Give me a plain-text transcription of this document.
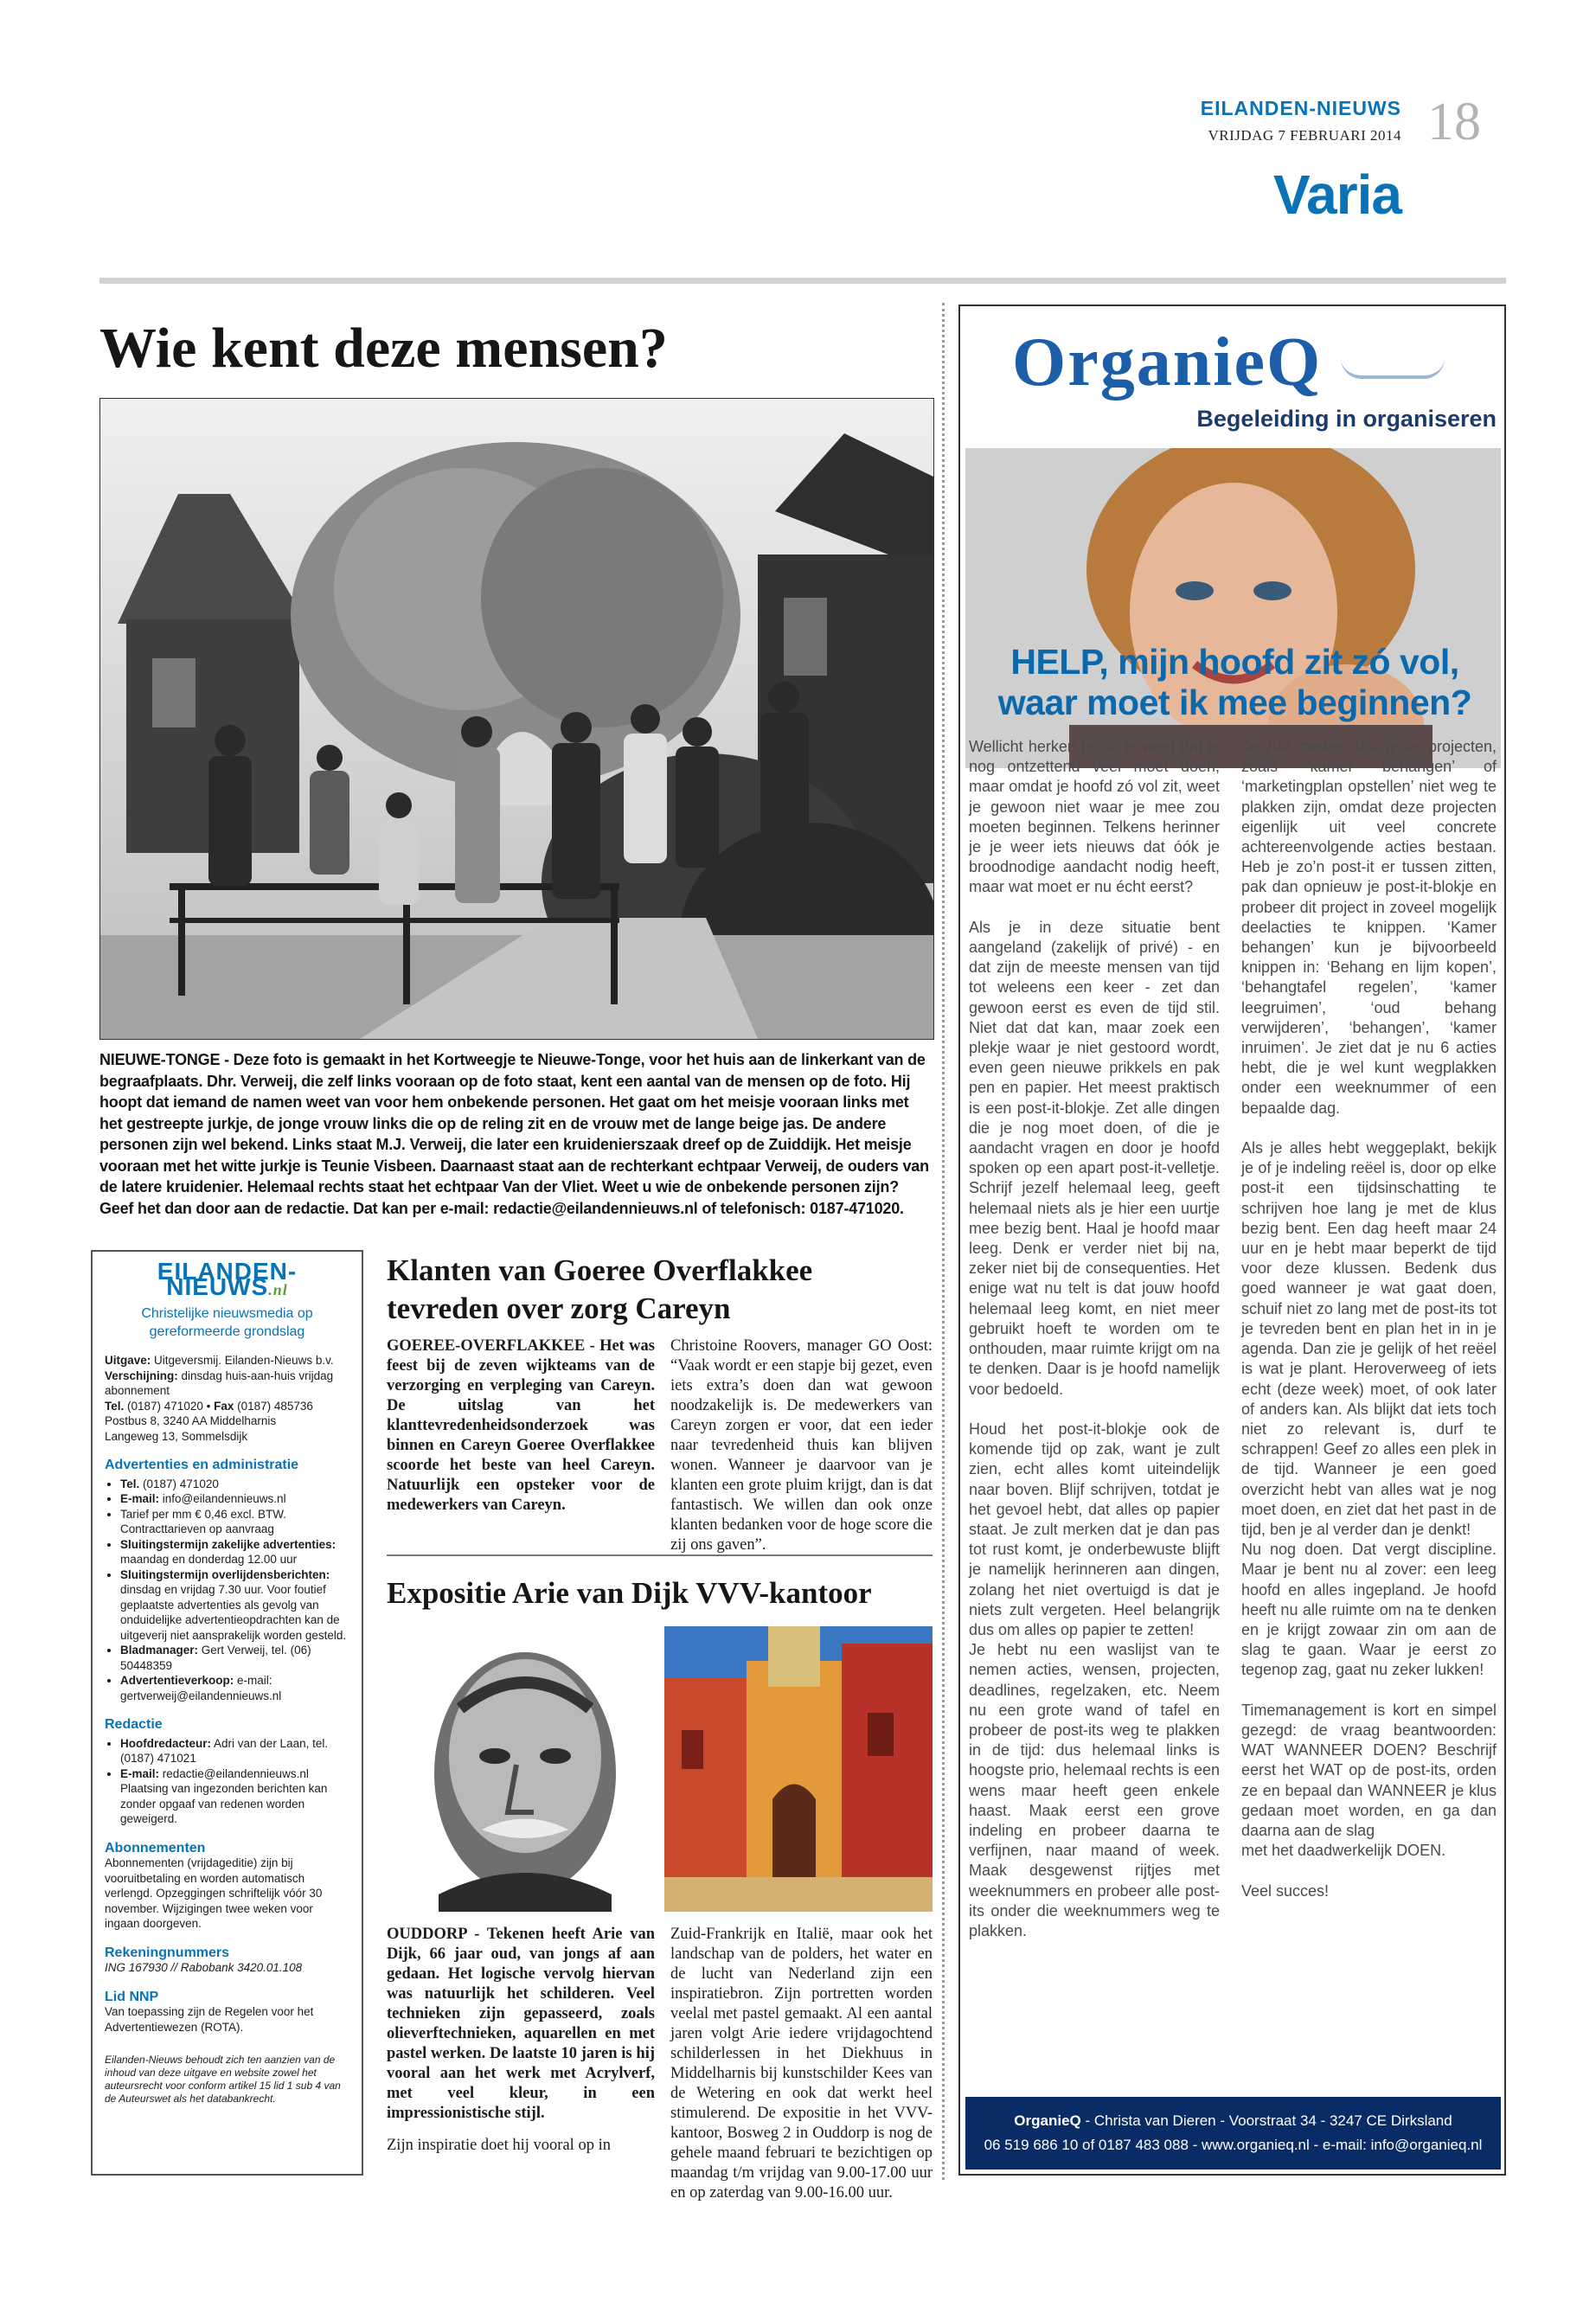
EILANDEN-NIEUWS
VRIJDAG 7 FEBRUARI 2014 18
Varia
Wie kent deze mensen?
NIEUWE-TONGE - Deze foto is gemaakt in het Kortweegje te Nieuwe-Tonge, voor het huis aan de linkerkant van de begraafplaats. Dhr. Verweij, die zelf links vooraan op de foto staat, kent een aantal van de mensen op de foto. Hij hoopt dat iemand de namen weet van voor hem onbekende personen. Het gaat om het meisje vooraan links met het gestreepte jurkje, de jonge vrouw links die op de reling zit en de vrouw met de lange beige jas. De andere personen zijn wel bekend. Links staat M.J. Verweij, die later een kruidenierszaak dreef op de Zuiddijk. Het meisje vooraan met het witte jurkje is Teunie Visbeen. Daarnaast staat aan de rechterkant echtpaar Verweij, de ouders van de latere kruidenier. Helemaal rechts staat het echtpaar Van der Vliet. Weet u wie de onbekende personen zijn? Geef het dan door aan de redactie. Dat kan per e-mail: redactie@eilandennieuws.nl of telefonisch: 0187-471020.
EILANDEN-NIEUWS.nl
Christelijke nieuwsmedia op gereformeerde grondslag
Uitgave: Uitgeversmij. Eilanden-Nieuws b.v.
Verschijning: dinsdag huis-aan-huis vrijdag abonnement
Tel. (0187) 471020 • Fax (0187) 485736
Postbus 8, 3240 AA Middelharnis
Langeweg 13, Sommelsdijk
Advertenties en administratie
• Tel. (0187) 471020
• E-mail: info@eilandennieuws.nl
• Tarief per mm € 0,46 excl. BTW. Contracttarieven op aanvraag
• Sluitingstermijn zakelijke advertenties: maandag en donderdag 12.00 uur
• Sluitingstermijn overlijdensberichten: dinsdag en vrijdag 7.30 uur. Voor foutief geplaatste advertenties als gevolg van onduidelijke advertentieopdrachten kan de uitgeverij niet aansprakelijk worden gesteld.
• Bladmanager: Gert Verweij, tel. (06) 50448359
• Advertentieverkoop: e-mail: gertverweij@eilandennieuws.nl
Redactie
• Hoofdredacteur: Adri van der Laan, tel. (0187) 471021
• E-mail: redactie@eilandennieuws.nl Plaatsing van ingezonden berichten kan zonder opgaaf van redenen worden geweigerd.
Abonnementen
Abonnementen (vrijdageditie) zijn bij vooruitbetaling en worden automatisch verlengd. Opzeggingen schriftelijk vóór 30 november. Wijzigingen twee weken voor ingaan doorgeven.
Rekeningnummers
ING 167930 // Rabobank 3420.01.108
Lid NNP
Van toepassing zijn de Regelen voor het Advertentiewezen (ROTA).
Eilanden-Nieuws behoudt zich ten aanzien van de inhoud van deze uitgave en website zowel het auteursrecht voor conform artikel 15 lid 1 sub 4 van de Auteurswet als het databankrecht.
Klanten van Goeree Overflakkee tevreden over zorg Careyn
GOEREE-OVERFLAKKEE - Het was feest bij de zeven wijkteams van de verzorging en verpleging van Careyn. De uitslag van het klanttevredenheidsonderzoek was binnen en Careyn Goeree Overflakkee scoorde het beste van heel Careyn. Natuurlijk een opsteker voor de medewerkers van Careyn.
Christoine Roovers, manager GO Oost: “Vaak wordt er een stapje bij gezet, even iets extra’s doen dan wat gewoon noodzakelijk is. De medewerkers van Careyn zorgen er voor, dat een ieder naar tevredenheid thuis kan blijven wonen. Wanneer je daarvoor van je klanten een grote pluim krijgt, dan is dat fantastisch. We willen dan ook onze klanten bedanken voor de hoge score die zij ons gaven”.
Expositie Arie van Dijk VVV-kantoor
OUDDORP - Tekenen heeft Arie van Dijk, 66 jaar oud, van jongs af aan gedaan. Het logische vervolg hiervan was natuurlijk het schilderen. Veel technieken zijn gepasseerd, zoals olieverftechnieken, aquarellen en met pastel werken. De laatste 10 jaren is hij vooral aan het werk met Acrylverf, met veel kleur, in een impressionistische stijl.
Zijn inspiratie doet hij vooral op in
Zuid-Frankrijk en Italië, maar ook het landschap van de polders, het water en de lucht van Nederland zijn een inspiratiebron. Zijn portretten worden veelal met pastel gemaakt. Al een aantal jaren volgt Arie iedere vrijdagochtend schilderlessen in het Diekhuus in Middelharnis bij kunstschilder Kees van de Wetering en ook dat werkt heel stimulerend. De expositie in het VVV-kantoor, Bosweg 2 in Ouddorp is nog de gehele maand februari te bezichtigen op maandag t/m vrijdag van 9.00-17.00 uur en op zaterdag van 9.00-16.00 uur.
OrganieQ
Begeleiding in organiseren
HELP, mijn hoofd zit zó vol, waar moet ik mee beginnen?
Wellicht herken je dit: je weet dat je nog ontzettend veel moet doen, maar omdat je hoofd zó vol zit, weet je gewoon niet waar je mee zou moeten beginnen. Telkens herinner je je weer iets nieuws dat óók je broodnodige aandacht nodig heeft, maar wat moet er nu écht eerst?

Als je in deze situatie bent aangeland (zakelijk of privé) - en dat zijn de meeste mensen van tijd tot weleens een keer - zet dan gewoon eerst es even de tijd stil. Niet dat dat kan, maar zoek een plekje waar je niet gestoord wordt, even geen nieuwe prikkels en pak pen en papier. Het meest praktisch is een post-it-blokje. Zet alle dingen die je nog moet doen, of die je aandacht vragen en door je hoofd spoken op een apart post-it-velletje. Schrijf jezelf helemaal leeg, geeft helemaal niets als je hier een uurtje mee bezig bent. Haal je hoofd maar leeg. Denk er verder niet bij na, zeker niet bij de consequenties. Het enige wat nu telt is dat jouw hoofd helemaal leeg komt, en niet meer gebruikt hoeft te worden om te onthouden, maar ruimte krijgt om na te denken. Daar is je hoofd namelijk voor bedoeld.

Houd het post-it-blokje ook de komende tijd op zak, want je zult zien, echt alles komt uiteindelijk naar boven. Blijf schrijven, totdat je het gevoel hebt, dat alles op papier staat. Je zult merken dat je dan pas tot rust komt, je onderbewuste blijft je namelijk herinneren aan dingen, zolang het niet overtuigd is dat je niets zult vergeten. Heel belangrijk dus om alles op papier te zetten!
Je hebt nu een waslijst van te nemen acties, wensen, projecten, deadlines, regelzaken, etc. Neem nu een grote wand of tafel en probeer de post-its weg te plakken in de tijd: dus helemaal links is hoogste prio, helemaal rechts is een wens maar heeft geen enkele haast. Maak eerst een grove indeling en probeer daarna te verfijnen, naar maand of week. Maak desgewenst rijtjes met weeknummers en probeer alle post-its onder die weeknummers weg te plakken.
Je zult merken dat grote projecten, zoals ‘kamer behangen’ of ‘marketingplan opstellen’ niet weg te plakken zijn, omdat deze projecten eigenlijk uit veel concrete achtereenvolgende acties bestaan. Heb je zo’n post-it er tussen zitten, pak dan opnieuw je post-it-blokje en probeer dit project in zoveel mogelijk deelacties te knippen. ‘Kamer behangen’ kun je bijvoorbeeld knippen in: ‘Behang en lijm kopen’, ‘behangtafel regelen’, ‘kamer leegruimen’, ‘oud behang verwijderen’, ‘behangen’, ‘kamer inruimen’. Je ziet dat je nu 6 acties hebt, die je wel kunt wegplakken onder een weeknummer of een bepaalde dag.

Als je alles hebt weggeplakt, bekijk je of je indeling reëel is, door op elke post-it een tijdsinschatting te schrijven hoe lang je met de klus bezig bent. Een dag heeft maar 24 uur en je hebt maar beperkt de tijd voor deze klussen. Bedenk dus goed wanneer je wat gaat doen, schuif niet zo lang met de post-its tot je tevreden bent en plan het in in je agenda. Dan zie je gelijk of het reëel is wat je plant. Heroverweeg of iets echt (deze week) moet, of ook later of anders kan. Als blijkt dat iets toch niet zo relevant is, durf te schrappen! Geef zo alles een plek in de tijd. Wanneer je een goed overzicht hebt van alles wat je nog moet doen, en ziet dat het past in de tijd, ben je al verder dan je denkt!
Nu nog doen. Dat vergt discipline. Maar je bent nu al zover: een leeg hoofd en alles ingepland. Je hoofd heeft nu alle ruimte om na te denken en je krijgt zowaar zin om aan de slag te gaan. Waar je eerst zo tegenop zag, gaat nu zeker lukken!

Timemanagement is kort en simpel gezegd: de vraag beantwoorden: WAT WANNEER DOEN? Beschrijf eerst het WAT op de post-its, orden ze en bepaal dan WANNEER je klus gedaan moet worden, en ga dan daarna aan de slag
met het daadwerkelijk DOEN.

Veel succes!
OrganieQ - Christa van Dieren - Voorstraat 34 - 3247 CE Dirksland
06 519 686 10 of 0187 483 088 - www.organieq.nl - e-mail: info@organieq.nl
